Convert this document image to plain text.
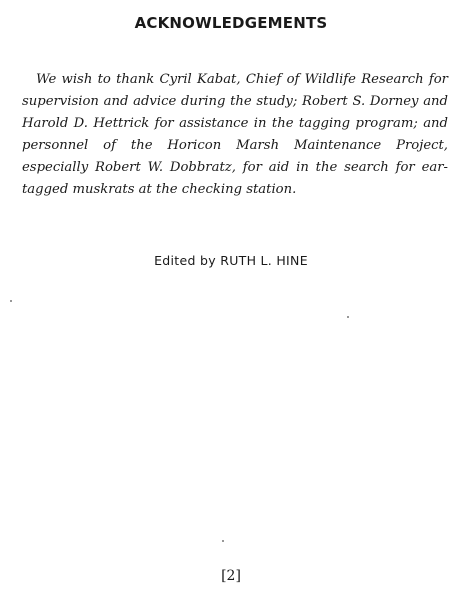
ACKNOWLEDGEMENTS

We wish to thank Cyril Kabat, Chief of Wildlife Research for supervision and advice during the study; Robert S. Dorney and Harold D. Hettrick for assistance in the tagging program; and personnel of the Horicon Marsh Maintenance Project, especially Robert W. Dobbratz, for aid in the search for ear-tagged muskrats at the checking station.

Edited by RUTH L. HINE
[2]
